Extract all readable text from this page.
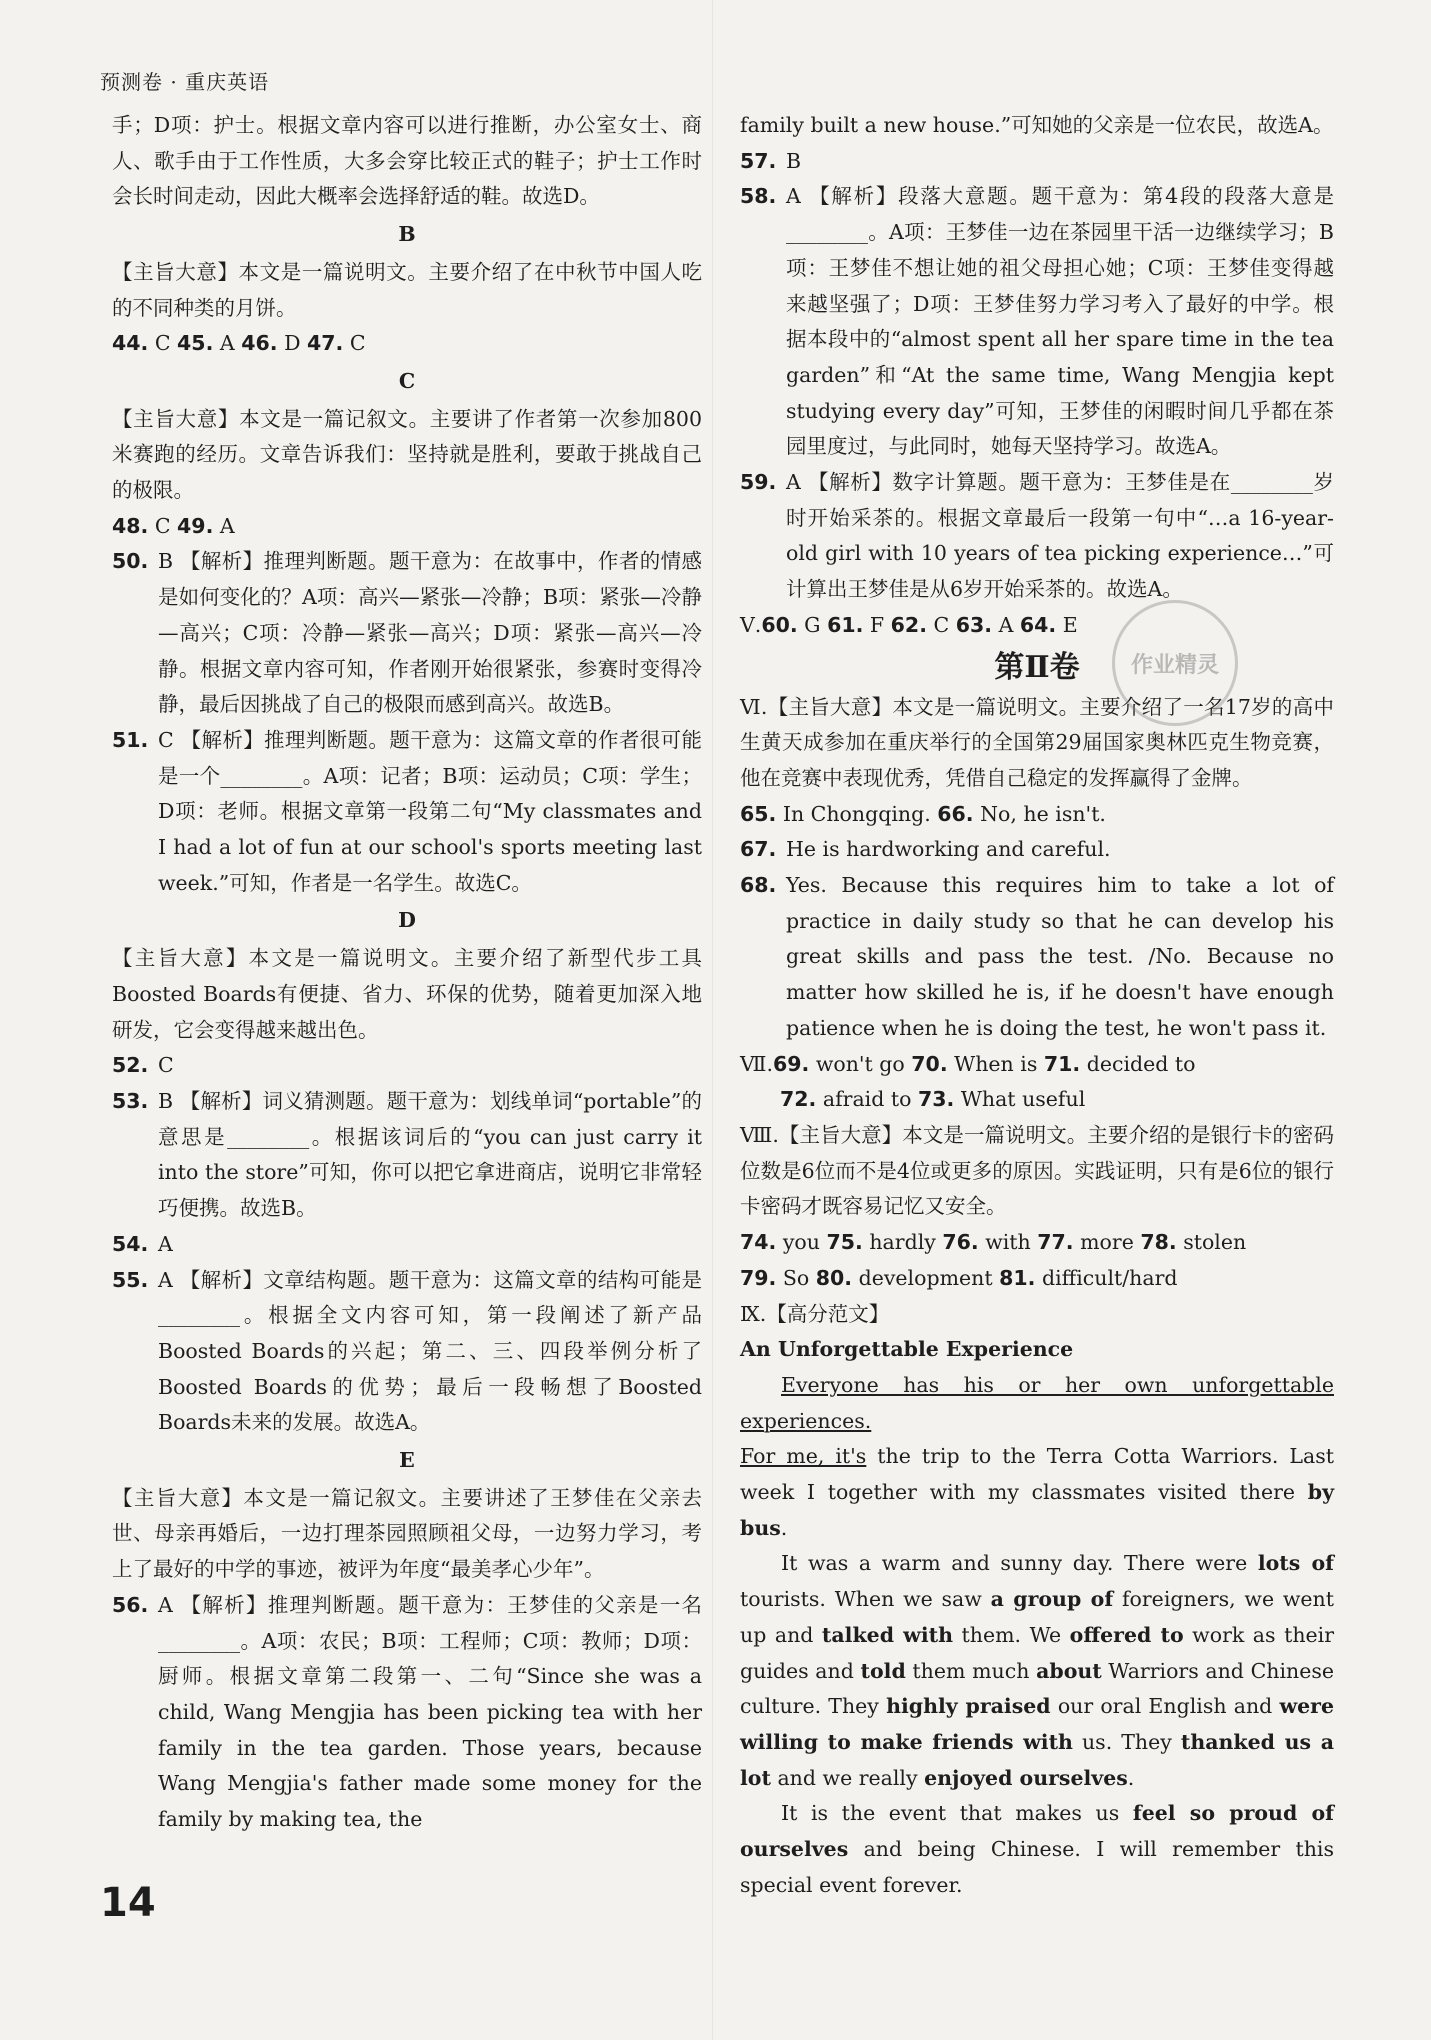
预测卷 · 重庆英语

手；D项：护士。根据文章内容可以进行推断，办公室女士、商人、歌手由于工作性质，大多会穿比较正式的鞋子；护士工作时会长时间走动，因此大概率会选择舒适的鞋。故选D。

B

【主旨大意】本文是一篇说明文。主要介绍了在中秋节中国人吃的不同种类的月饼。

44. C 45. A 46. D 47. C

C

【主旨大意】本文是一篇记叙文。主要讲了作者第一次参加800米赛跑的经历。文章告诉我们：坚持就是胜利，要敢于挑战自己的极限。

48. C 49. A

50. B 【解析】推理判断题。题干意为：在故事中，作者的情感是如何变化的？A项：高兴—紧张—冷静；B项：紧张—冷静—高兴；C项：冷静—紧张—高兴；D项：紧张—高兴—冷静。根据文章内容可知，作者刚开始很紧张，参赛时变得冷静，最后因挑战了自己的极限而感到高兴。故选B。
51. C 【解析】推理判断题。题干意为：这篇文章的作者很可能是一个________。A项：记者；B项：运动员；C项：学生；D项：老师。根据文章第一段第二句“My classmates and I had a lot of fun at our school's sports meeting last week.”可知，作者是一名学生。故选C。

D

【主旨大意】本文是一篇说明文。主要介绍了新型代步工具Boosted Boards有便捷、省力、环保的优势，随着更加深入地研发，它会变得越来越出色。

52. C
53. B 【解析】词义猜测题。题干意为：划线单词“portable”的意思是________。根据该词后的“you can just carry it into the store”可知，你可以把它拿进商店，说明它非常轻巧便携。故选B。
54. A
55. A 【解析】文章结构题。题干意为：这篇文章的结构可能是________。根据全文内容可知，第一段阐述了新产品Boosted Boards的兴起；第二、三、四段举例分析了Boosted Boards的优势；最后一段畅想了Boosted Boards未来的发展。故选A。

E

【主旨大意】本文是一篇记叙文。主要讲述了王梦佳在父亲去世、母亲再婚后，一边打理茶园照顾祖父母，一边努力学习，考上了最好的中学的事迹，被评为年度“最美孝心少年”。

56. A 【解析】推理判断题。题干意为：王梦佳的父亲是一名________。A项：农民；B项：工程师；C项：教师；D项：厨师。根据文章第二段第一、二句“Since she was a child, Wang Mengjia has been picking tea with her family in the tea garden. Those years, because Wang Mengjia's father made some money for the family by making tea, the

family built a new house.”可知她的父亲是一位农民，故选A。

57. B
58. A 【解析】段落大意题。题干意为：第4段的段落大意是________。A项：王梦佳一边在茶园里干活一边继续学习；B项：王梦佳不想让她的祖父母担心她；C项：王梦佳变得越来越坚强了；D项：王梦佳努力学习考入了最好的中学。根据本段中的“almost spent all her spare time in the tea garden”和“At the same time, Wang Mengjia kept studying every day”可知，王梦佳的闲暇时间几乎都在茶园里度过，与此同时，她每天坚持学习。故选A。
59. A 【解析】数字计算题。题干意为：王梦佳是在________岁时开始采茶的。根据文章最后一段第一句中“…a 16-year-old girl with 10 years of tea picking experience…”可计算出王梦佳是从6岁开始采茶的。故选A。

Ⅴ.60. G 61. F 62. C 63. A 64. E

第Ⅱ卷

Ⅵ.【主旨大意】本文是一篇说明文。主要介绍了一名17岁的高中生黄天成参加在重庆举行的全国第29届国家奥林匹克生物竞赛，他在竞赛中表现优秀，凭借自己稳定的发挥赢得了金牌。

65. In Chongqing. 66. No, he isn't.

67. He is hardworking and careful.
68. Yes. Because this requires him to take a lot of practice in daily study so that he can develop his great skills and pass the test. /No. Because no matter how skilled he is, if he doesn't have enough patience when he is doing the test, he won't pass it.

Ⅶ.69. won't go 70. When is 71. decided to

72. afraid to 73. What useful

Ⅷ.【主旨大意】本文是一篇说明文。主要介绍的是银行卡的密码位数是6位而不是4位或更多的原因。实践证明，只有是6位的银行卡密码才既容易记忆又安全。

74. you 75. hardly 76. with 77. more 78. stolen

79. So 80. development 81. difficult/hard

Ⅸ.【高分范文】

An Unforgettable Experience

Everyone has his or her own unforgettable experiences.

For me, it's the trip to the Terra Cotta Warriors. Last week I together with my classmates visited there by bus.

It was a warm and sunny day. There were lots of tourists. When we saw a group of foreigners, we went up and talked with them. We offered to work as their guides and told them much about Warriors and Chinese culture. They highly praised our oral English and were willing to make friends with us. They thanked us a lot and we really enjoyed ourselves.

It is the event that makes us feel so proud of ourselves and being Chinese. I will remember this special event forever.

作业精灵
14
